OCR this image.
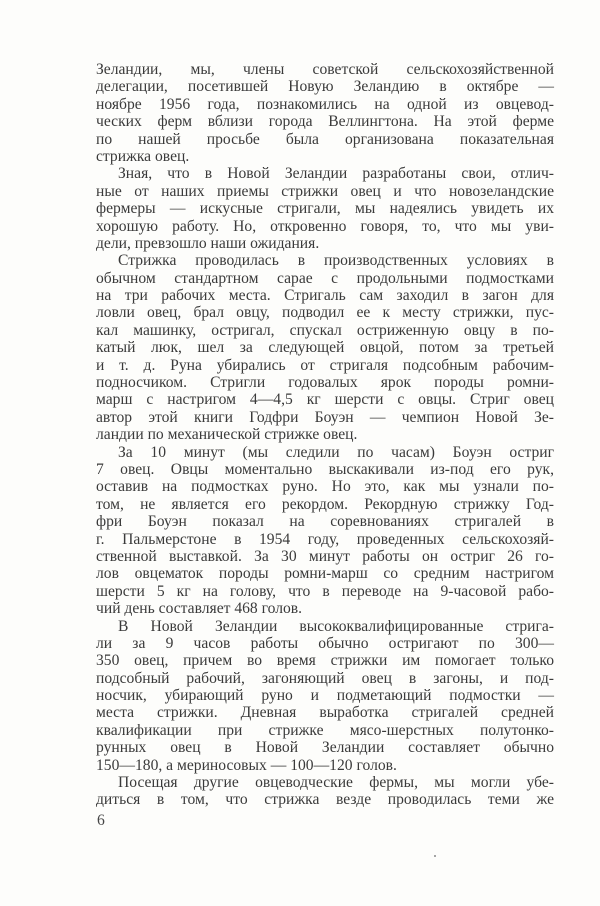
Зеландии, мы, члены советской сельскохозяйственной
делегации, посетившей Новую Зеландию в октябре —
ноябре 1956 года, познакомились на одной из овцевод-
ческих ферм вблизи города Веллингтона. На этой ферме
по нашей просьбе была организована показательная
стрижка овец.
Зная, что в Новой Зеландии разработаны свои, отлич-
ные от наших приемы стрижки овец и что новозеландские
фермеры — искусные стригали, мы надеялись увидеть их
хорошую работу. Но, откровенно говоря, то, что мы уви-
дели, превзошло наши ожидания.
Стрижка проводилась в производственных условиях в
обычном стандартном сарае с продольными подмостками
на три рабочих места. Стригаль сам заходил в загон для
ловли овец, брал овцу, подводил ее к месту стрижки, пус-
кал машинку, остригал, спускал остриженную овцу в по-
катый люк, шел за следующей овцой, потом за третьей
и т. д. Руна убирались от стригаля подсобным рабочим-
подносчиком. Стригли годовалых ярок породы ромни-
марш с настригом 4—4,5 кг шерсти с овцы. Стриг овец
автор этой книги Годфри Боуэн — чемпион Новой Зе-
ландии по механической стрижке овец.
За 10 минут (мы следили по часам) Боуэн остриг
7 овец. Овцы моментально выскакивали из-под его рук,
оставив на подмостках руно. Но это, как мы узнали по-
том, не является его рекордом. Рекордную стрижку Год-
фри Боуэн показал на соревнованиях стригалей в
г. Пальмерстоне в 1954 году, проведенных сельскохозяй-
ственной выставкой. За 30 минут работы он остриг 26 го-
лов овцематок породы ромни-марш со средним настригом
шерсти 5 кг на голову, что в переводе на 9-часовой рабо-
чий день составляет 468 голов.
В Новой Зеландии высококвалифицированные стрига-
ли за 9 часов работы обычно остригают по 300—
350 овец, причем во время стрижки им помогает только
подсобный рабочий, загоняющий овец в загоны, и под-
носчик, убирающий руно и подметающий подмостки —
места стрижки. Дневная выработка стригалей средней
квалификации при стрижке мясо-шерстных полутонко-
рунных овец в Новой Зеландии составляет обычно
150—180, а мериносовых — 100—120 голов.
Посещая другие овцеводческие фермы, мы могли убе-
диться в том, что стрижка везде проводилась теми же
6
